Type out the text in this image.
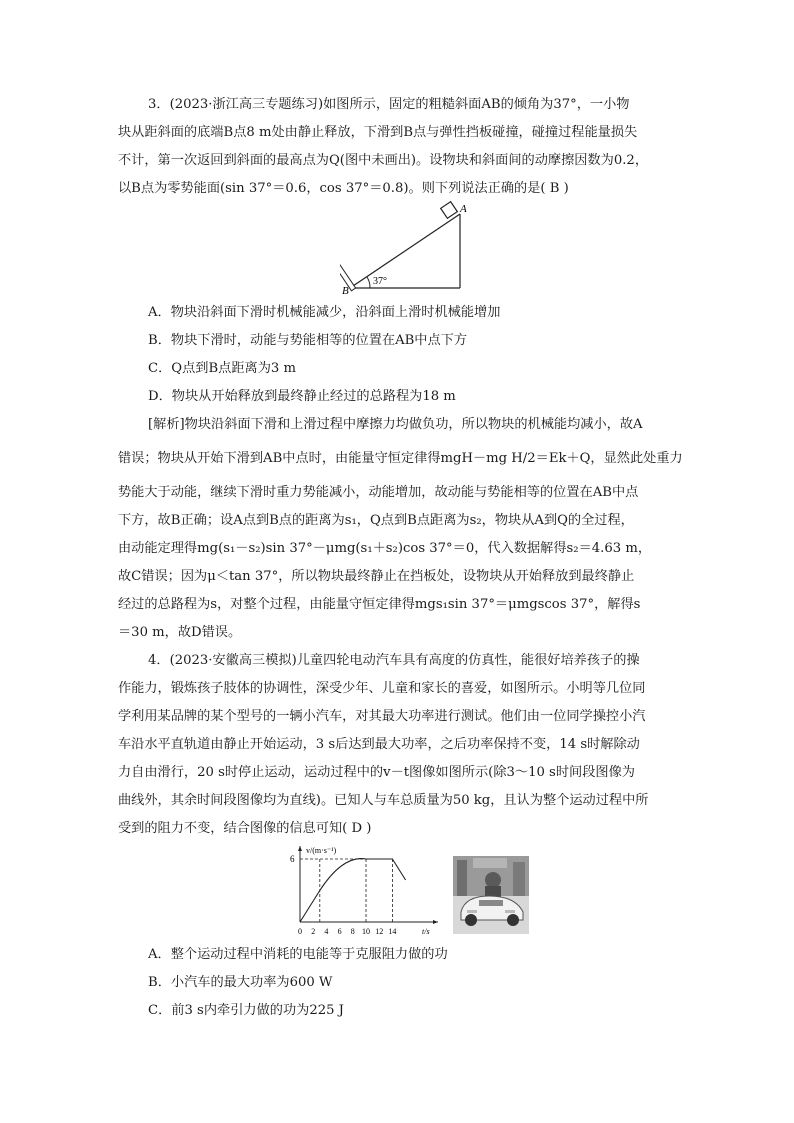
3．(2023·浙江高三专题练习)如图所示，固定的粗糙斜面AB的倾角为37°，一小物
块从距斜面的底端B点8 m处由静止释放，下滑到B点与弹性挡板碰撞，碰撞过程能量损失
不计，第一次返回到斜面的最高点为Q(图中未画出)。设物块和斜面间的动摩擦因数为0.2，
以B点为零势能面(sin 37°＝0.6，cos 37°＝0.8)。则下列说法正确的是( B )
A
B
37°
A．物块沿斜面下滑时机械能减少，沿斜面上滑时机械能增加
B．物块下滑时，动能与势能相等的位置在AB中点下方
C．Q点到B点距离为3 m
D．物块从开始释放到最终静止经过的总路程为18 m
[解析]物块沿斜面下滑和上滑过程中摩擦力均做负功，所以物块的机械能均减小，故A
错误；物块从开始下滑到AB中点时，由能量守恒定律得mgH－mg H/2＝Ek＋Q，显然此处重力
势能大于动能，继续下滑时重力势能减小，动能增加，故动能与势能相等的位置在AB中点
下方，故B正确；设A点到B点的距离为s₁，Q点到B点距离为s₂，物块从A到Q的全过程，
由动能定理得mg(s₁－s₂)sin 37°－μmg(s₁＋s₂)cos 37°＝0，代入数据解得s₂＝4.63 m，
故C错误；因为μ＜tan 37°，所以物块最终静止在挡板处，设物块从开始释放到最终静止
经过的总路程为s，对整个过程，由能量守恒定律得mgs₁sin 37°＝μmgscos 37°，解得s
＝30 m，故D错误。
4．(2023·安徽高三模拟)儿童四轮电动汽车具有高度的仿真性，能很好培养孩子的操
作能力，锻炼孩子肢体的协调性，深受少年、儿童和家长的喜爱，如图所示。小明等几位同
学利用某品牌的某个型号的一辆小汽车，对其最大功率进行测试。他们由一位同学操控小汽
车沿水平直轨道由静止开始运动，3 s后达到最大功率，之后功率保持不变，14 s时解除动
力自由滑行，20 s时停止运动，运动过程中的v－t图像如图所示(除3～10 s时间段图像为
曲线外，其余时间段图像均为直线)。已知人与车总质量为50 kg，且认为整个运动过程中所
受到的阻力不变，结合图像的信息可知( D )
v/(m·s⁻¹)
t/s
0 2 4 6 8 10 12 14
6
A．整个运动过程中消耗的电能等于克服阻力做的功
B．小汽车的最大功率为600 W
C．前3 s内牵引力做的功为225 J
